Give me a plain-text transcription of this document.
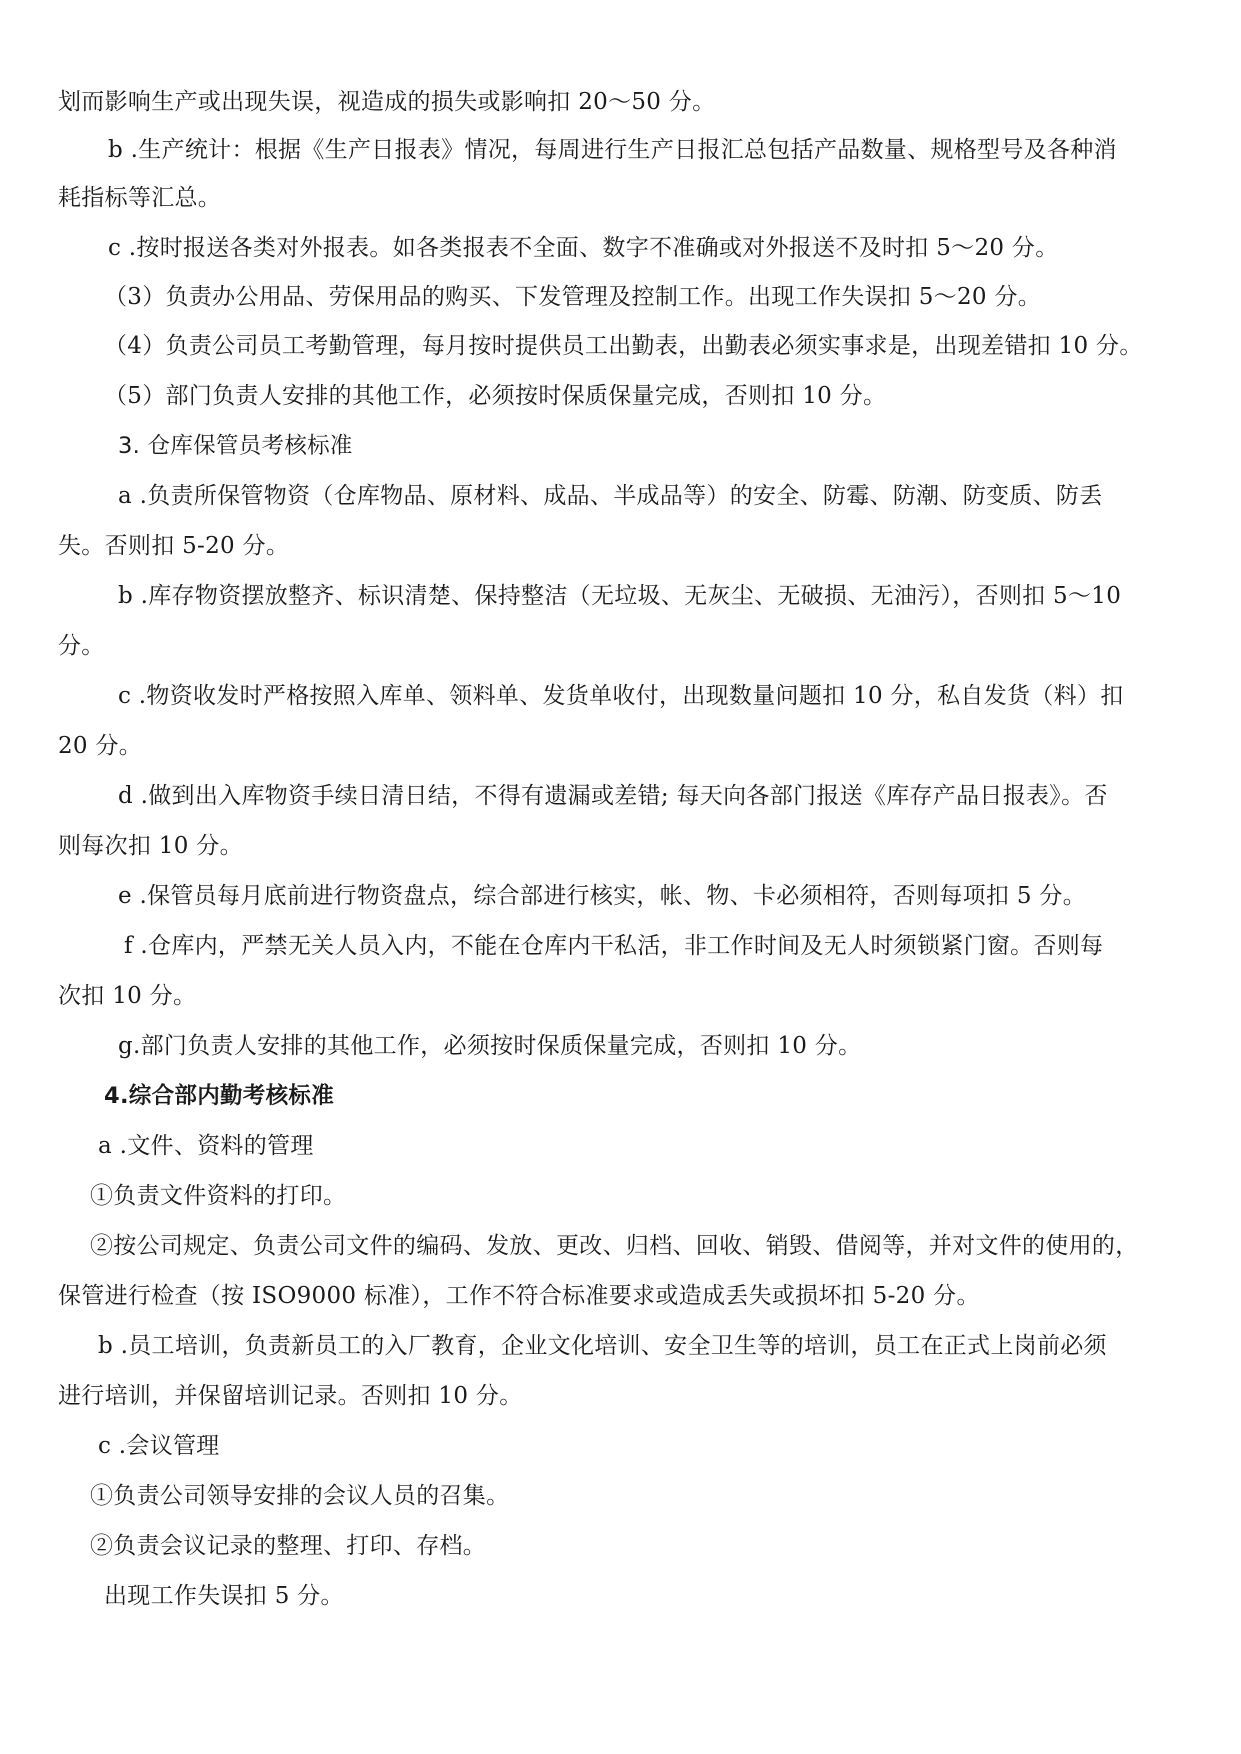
划而影响生产或出现失误，视造成的损失或影响扣 20～50 分。
b .生产统计：根据《生产日报表》情况，每周进行生产日报汇总包括产品数量、规格型号及各种消
耗指标等汇总。
c .按时报送各类对外报表。如各类报表不全面、数字不准确或对外报送不及时扣 5～20 分。
（3）负责办公用品、劳保用品的购买、下发管理及控制工作。出现工作失误扣 5～20 分。
（4）负责公司员工考勤管理，每月按时提供员工出勤表，出勤表必须实事求是，出现差错扣 10 分。
（5）部门负责人安排的其他工作，必须按时保质保量完成，否则扣 10 分。
3. 仓库保管员考核标准
a .负责所保管物资（仓库物品、原材料、成品、半成品等）的安全、防霉、防潮、防变质、防丢
失。否则扣 5-20 分。
b .库存物资摆放整齐、标识清楚、保持整洁（无垃圾、无灰尘、无破损、无油污），否则扣 5～10
分。
c .物资收发时严格按照入库单、领料单、发货单收付，出现数量问题扣 10 分，私自发货（料）扣
20 分。
d .做到出入库物资手续日清日结，不得有遗漏或差错; 每天向各部门报送《库存产品日报表》。否
则每次扣 10 分。
e .保管员每月底前进行物资盘点，综合部进行核实，帐、物、卡必须相符，否则每项扣 5 分。
f .仓库内，严禁无关人员入内，不能在仓库内干私活，非工作时间及无人时须锁紧门窗。否则每
次扣 10 分。
g.部门负责人安排的其他工作，必须按时保质保量完成，否则扣 10 分。
4.综合部内勤考核标准
a .文件、资料的管理
①负责文件资料的打印。
②按公司规定、负责公司文件的编码、发放、更改、归档、回收、销毁、借阅等，并对文件的使用的，
保管进行检查（按 ISO9000 标准），工作不符合标准要求或造成丢失或损坏扣 5-20 分。
b .员工培训，负责新员工的入厂教育，企业文化培训、安全卫生等的培训，员工在正式上岗前必须
进行培训，并保留培训记录。否则扣 10 分。
c .会议管理
①负责公司领导安排的会议人员的召集。
②负责会议记录的整理、打印、存档。
出现工作失误扣 5 分。
